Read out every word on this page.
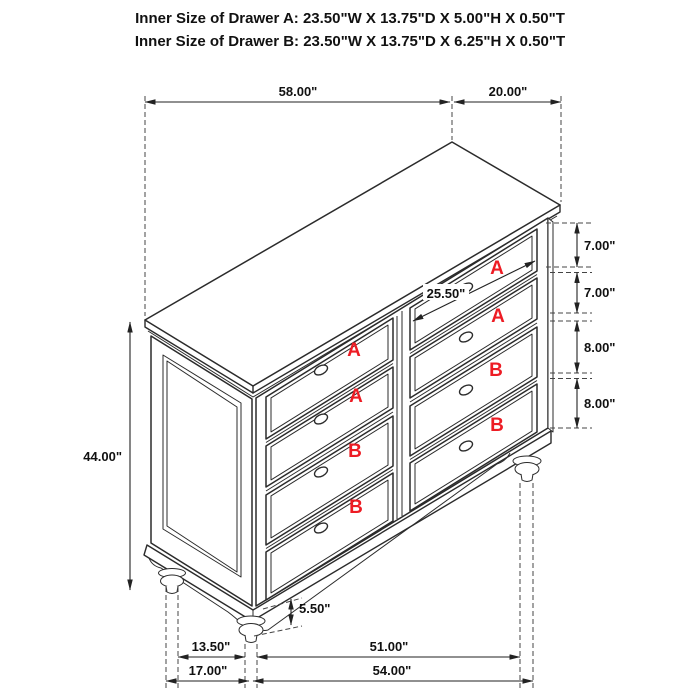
Inner Size of Drawer A: 23.50"W X 13.75"D X 5.00"H X 0.50"T
Inner Size of Drawer B: 23.50"W X 13.75"D X 6.25"H X 0.50"T
A
A
B
B
A
A
B
B
58.00"	20.00"
7.00"
7.00"
8.00"
8.00"
44.00"
25.50"
5.50"
13.50"	51.00"
17.00"	54.00"
